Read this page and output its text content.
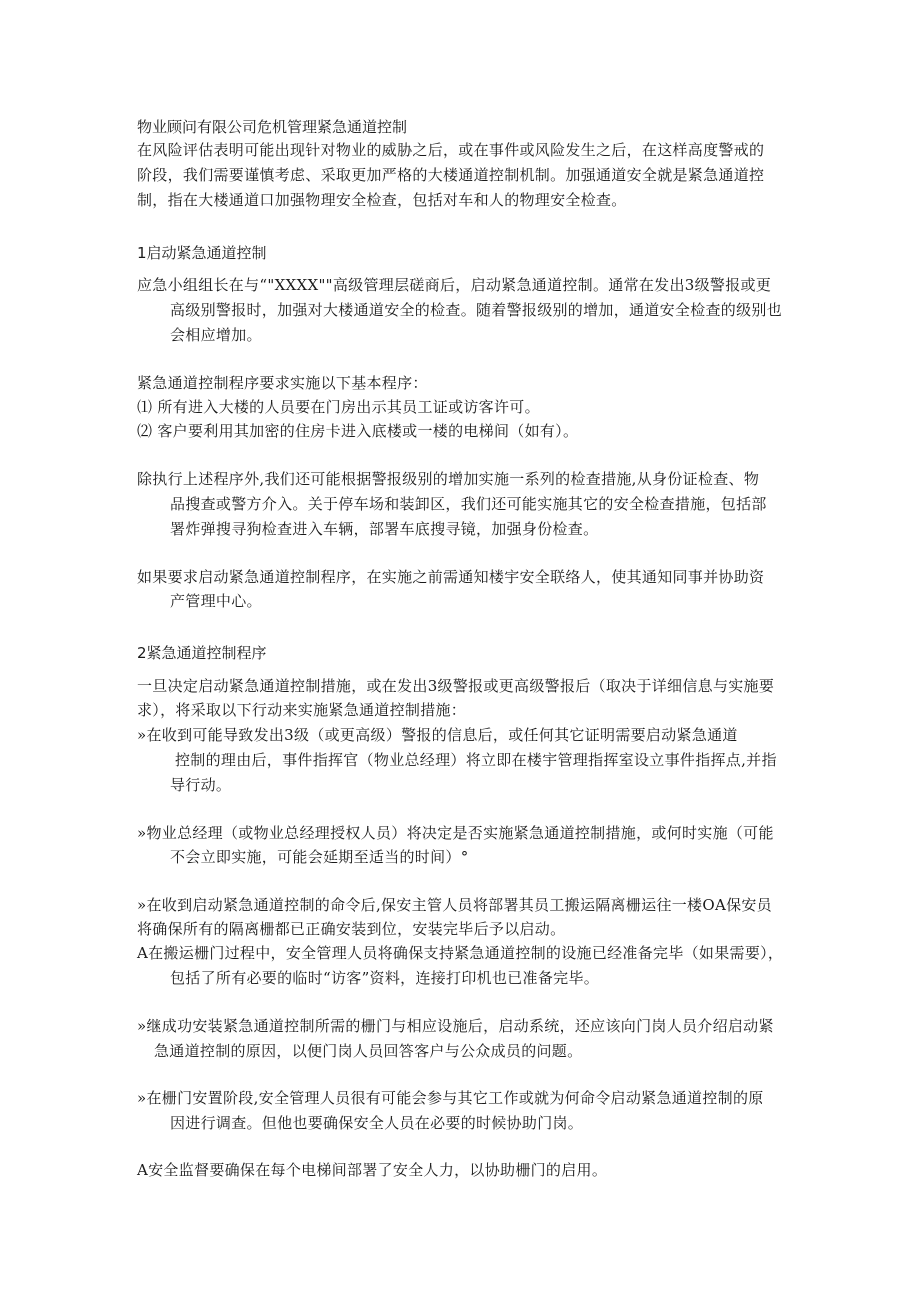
物业顾问有限公司危机管理紧急通道控制
在风险评估表明可能出现针对物业的威胁之后，或在事件或风险发生之后，在这样高度警戒的
阶段，我们需要谨慎考虑、采取更加严格的大楼通道控制机制。加强通道安全就是紧急通道控
制，指在大楼通道口加强物理安全检查，包括对车和人的物理安全检查。
1启动紧急通道控制
应急小组组长在与“"XXXX""高级管理层磋商后，启动紧急通道控制。通常在发出3级警报或更
高级别警报时，加强对大楼通道安全的检查。随着警报级别的增加，通道安全检查的级别也
会相应增加。
紧急通道控制程序要求实施以下基本程序：
⑴ 所有进入大楼的人员要在门房出示其员工证或访客许可。
⑵ 客户要利用其加密的住房卡进入底楼或一楼的电梯间（如有）。
除执行上述程序外,我们还可能根据警报级别的增加实施一系列的检查措施,从身份证检查、物
品搜查或警方介入。关于停车场和装卸区，我们还可能实施其它的安全检查措施，包括部
署炸弹搜寻狗检查进入车辆，部署车底搜寻镜，加强身份检查。
如果要求启动紧急通道控制程序，在实施之前需通知楼宇安全联络人，使其通知同事并协助资
产管理中心。
2紧急通道控制程序
一旦决定启动紧急通道控制措施，或在发出3级警报或更高级警报后（取决于详细信息与实施要
求），将采取以下行动来实施紧急通道控制措施：
»在收到可能导致发出3级（或更高级）警报的信息后，或任何其它证明需要启动紧急通道
控制的理由后，事件指挥官（物业总经理）将立即在楼宇管理指挥室设立事件指挥点,并指
导行动。
»物业总经理（或物业总经理授权人员）将决定是否实施紧急通道控制措施，或何时实施（可能
不会立即实施，可能会延期至适当的时间）°
»在收到启动紧急通道控制的命令后,保安主管人员将部署其员工搬运隔离栅运往一楼OA保安员
将确保所有的隔离栅都已正确安装到位，安装完毕后予以启动。
A在搬运栅门过程中，安全管理人员将确保支持紧急通道控制的设施已经准备完毕（如果需要），
包括了所有必要的临时“访客”资料，连接打印机也已准备完毕。
»继成功安装紧急通道控制所需的栅门与相应设施后，启动系统，还应该向门岗人员介绍启动紧
急通道控制的原因，以便门岗人员回答客户与公众成员的问题。
»在栅门安置阶段,安全管理人员很有可能会参与其它工作或就为何命令启动紧急通道控制的原
因进行调查。但他也要确保安全人员在必要的时候协助门岗。
A安全监督要确保在每个电梯间部署了安全人力，以协助栅门的启用。
